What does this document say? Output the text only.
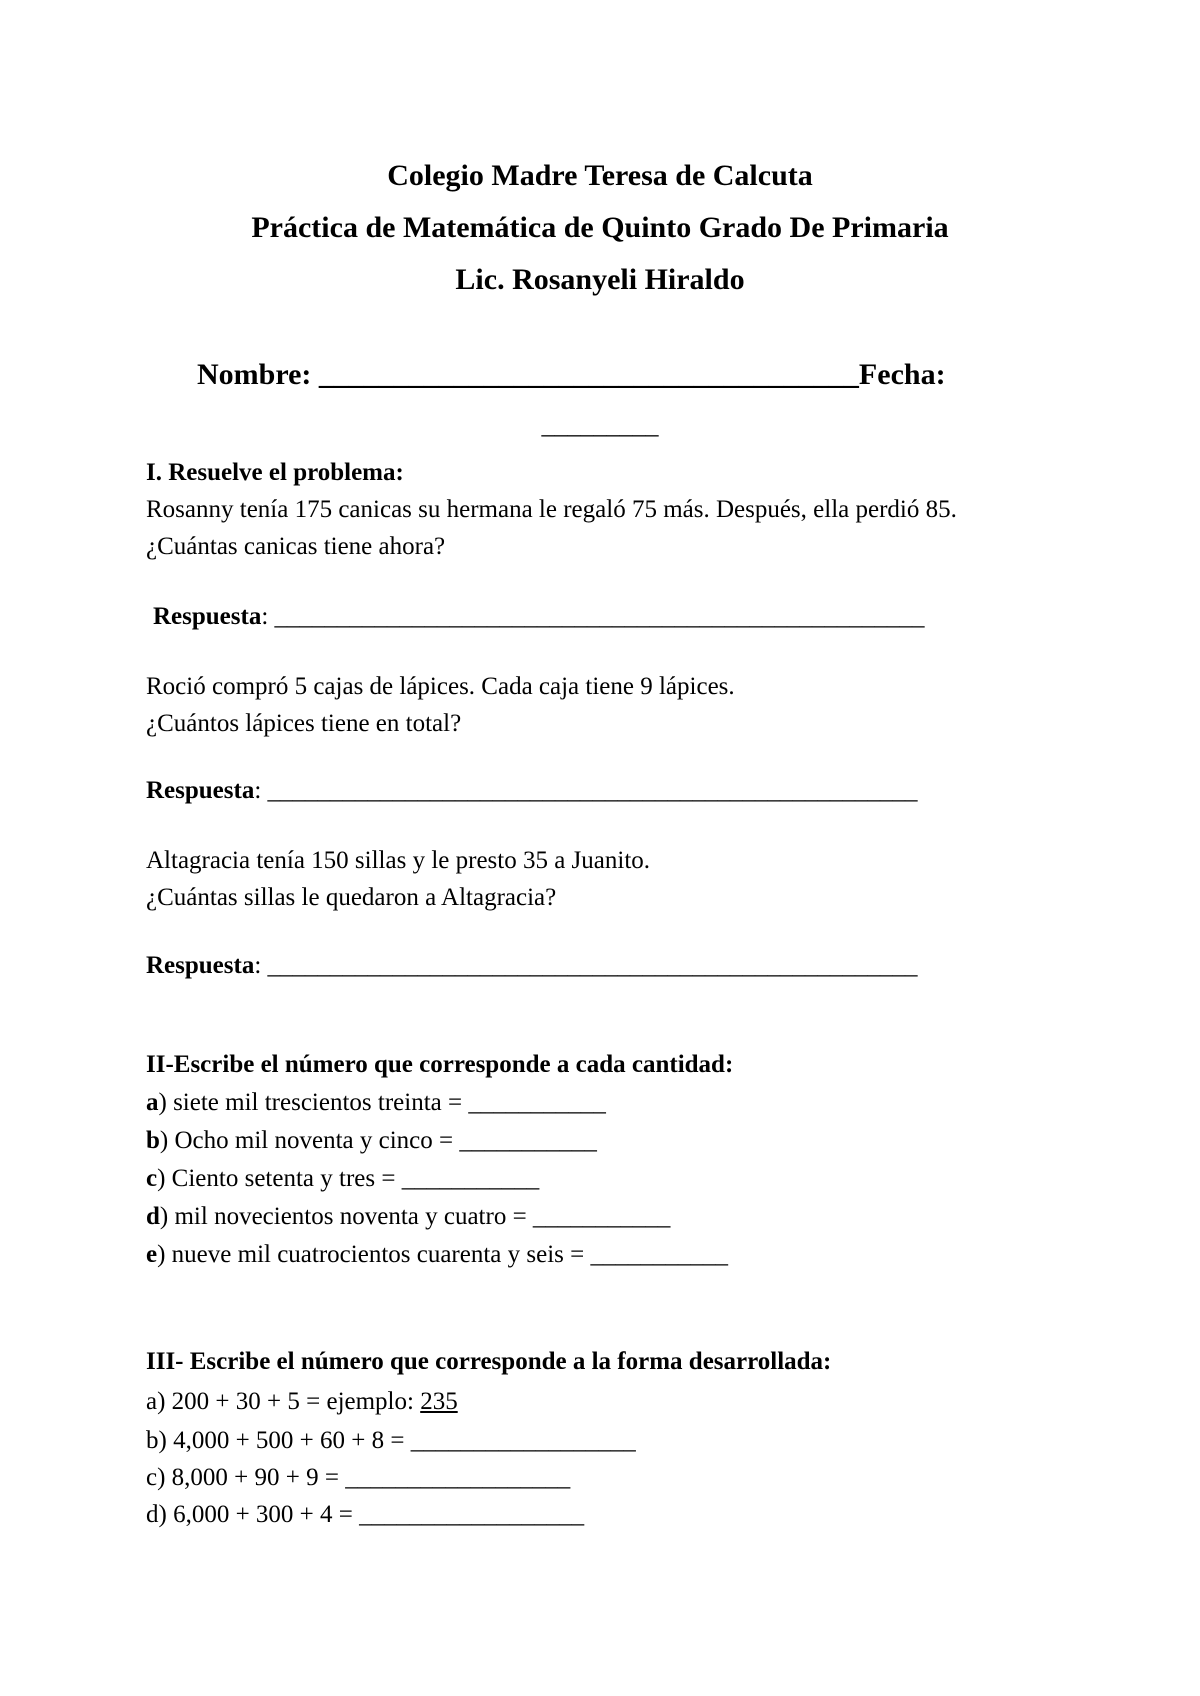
Colegio Madre Teresa de Calcuta
Práctica de Matemática de Quinto Grado De Primaria
Lic. Rosanyeli Hiraldo
Nombre: ____________________________________Fecha:
_________
I. Resuelve el problema:
Rosanny tenía 175 canicas su hermana le regaló 75 más. Después, ella perdió 85.
¿Cuántas canicas tiene ahora?
Respuesta: ____________________________________________________
Roció compró 5 cajas de lápices. Cada caja tiene 9 lápices.
¿Cuántos lápices tiene en total?
Respuesta: ____________________________________________________
Altagracia tenía 150 sillas y le presto 35 a Juanito.
¿Cuántas sillas le quedaron a Altagracia?
Respuesta: ____________________________________________________
II-Escribe el número que corresponde a cada cantidad:
a) siete mil trescientos treinta = ___________
b) Ocho mil noventa y cinco = ___________
c) Ciento setenta y tres = ___________
d) mil novecientos noventa y cuatro = ___________
e) nueve mil cuatrocientos cuarenta y seis = ___________
III- Escribe el número que corresponde a la forma desarrollada:
a) 200 + 30 + 5 = ejemplo: 235
b) 4,000 + 500 + 60 + 8 = __________________
c) 8,000 + 90 + 9 = __________________
d) 6,000 + 300 + 4 = __________________
